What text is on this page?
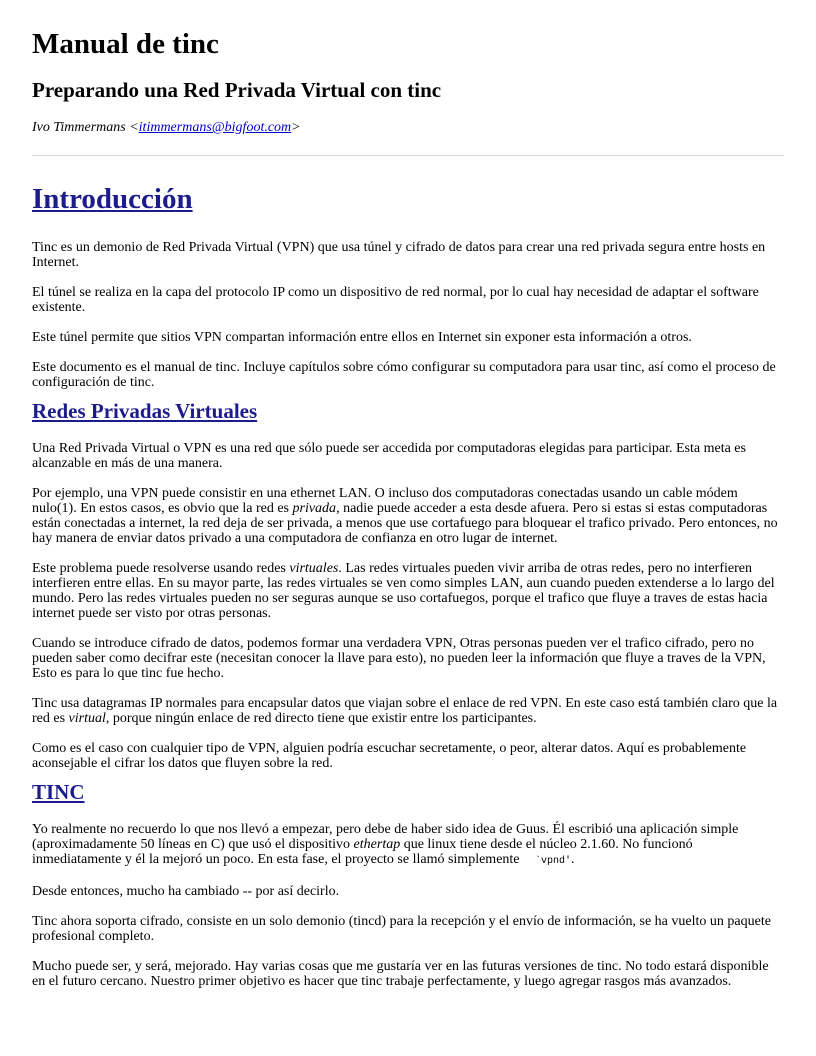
Manual de tinc
Preparando una Red Privada Virtual con tinc
Ivo Timmermans <itimmermans@bigfoot.com>
Introducción

Tinc es un demonio de Red Privada Virtual (VPN) que usa túnel y cifrado de datos para crear una red privada segura entre hosts en Internet.

El túnel se realiza en la capa del protocolo IP como un dispositivo de red normal, por lo cual hay necesidad de adaptar el software existente.

Este túnel permite que sitios VPN compartan información entre ellos en Internet sin exponer esta información a otros.

Este documento es el manual de tinc. Incluye capítulos sobre cómo configurar su computadora para usar tinc, así como el proceso de configuración de tinc.

Redes Privadas Virtuales

Una Red Privada Virtual o VPN es una red que sólo puede ser accedida por computadoras elegidas para participar. Esta meta es alcanzable en más de una manera.

Por ejemplo, una VPN puede consistir en una ethernet LAN. O incluso dos computadoras conectadas usando un cable módem nulo(1). En estos casos, es obvio que la red es privada, nadie puede acceder a esta desde afuera. Pero si estas si estas computadoras están conectadas a internet, la red deja de ser privada, a menos que use cortafuego para bloquear el trafico privado. Pero entonces, no hay manera de enviar datos privado a una computadora de confianza en otro lugar de internet.

Este problema puede resolverse usando redes virtuales. Las redes virtuales pueden vivir arriba de otras redes, pero no interfieren interfieren entre ellas. En su mayor parte, las redes virtuales se ven como simples LAN, aun cuando pueden extenderse a lo largo del mundo. Pero las redes virtuales pueden no ser seguras aunque se uso cortafuegos, porque el trafico que fluye a traves de estas hacia internet puede ser visto por otras personas.

Cuando se introduce cifrado de datos, podemos formar una verdadera VPN, Otras personas pueden ver el trafico cifrado, pero no pueden saber como decifrar este (necesitan conocer la llave para esto), no pueden leer la información que fluye a traves de la VPN, Esto es para lo que tinc fue hecho.

Tinc usa datagramas IP normales para encapsular datos que viajan sobre el enlace de red VPN. En este caso está también claro que la red es virtual, porque ningún enlace de red directo tiene que existir entre los participantes.

Como es el caso con cualquier tipo de VPN, alguien podría escuchar secretamente, o peor, alterar datos. Aquí es probablemente aconsejable el cifrar los datos que fluyen sobre la red.

TINC

Yo realmente no recuerdo lo que nos llevó a empezar, pero debe de haber sido idea de Guus. Él escribió una aplicación simple (aproximadamente 50 líneas en C) que usó el dispositivo ethertap que linux tiene desde el núcleo 2.1.60. No funcionó inmediatamente y él la mejoró un poco. En esta fase, el proyecto se llamó simplemente `vpnd'.

Desde entonces, mucho ha cambiado -- por así decirlo.

Tinc ahora soporta cifrado, consiste en un solo demonio (tincd) para la recepción y el envío de información, se ha vuelto un paquete profesional completo.

Mucho puede ser, y será, mejorado. Hay varias cosas que me gustaría ver en las futuras versiones de tinc. No todo estará disponible en el futuro cercano. Nuestro primer objetivo es hacer que tinc trabaje perfectamente, y luego agregar rasgos más avanzados.
